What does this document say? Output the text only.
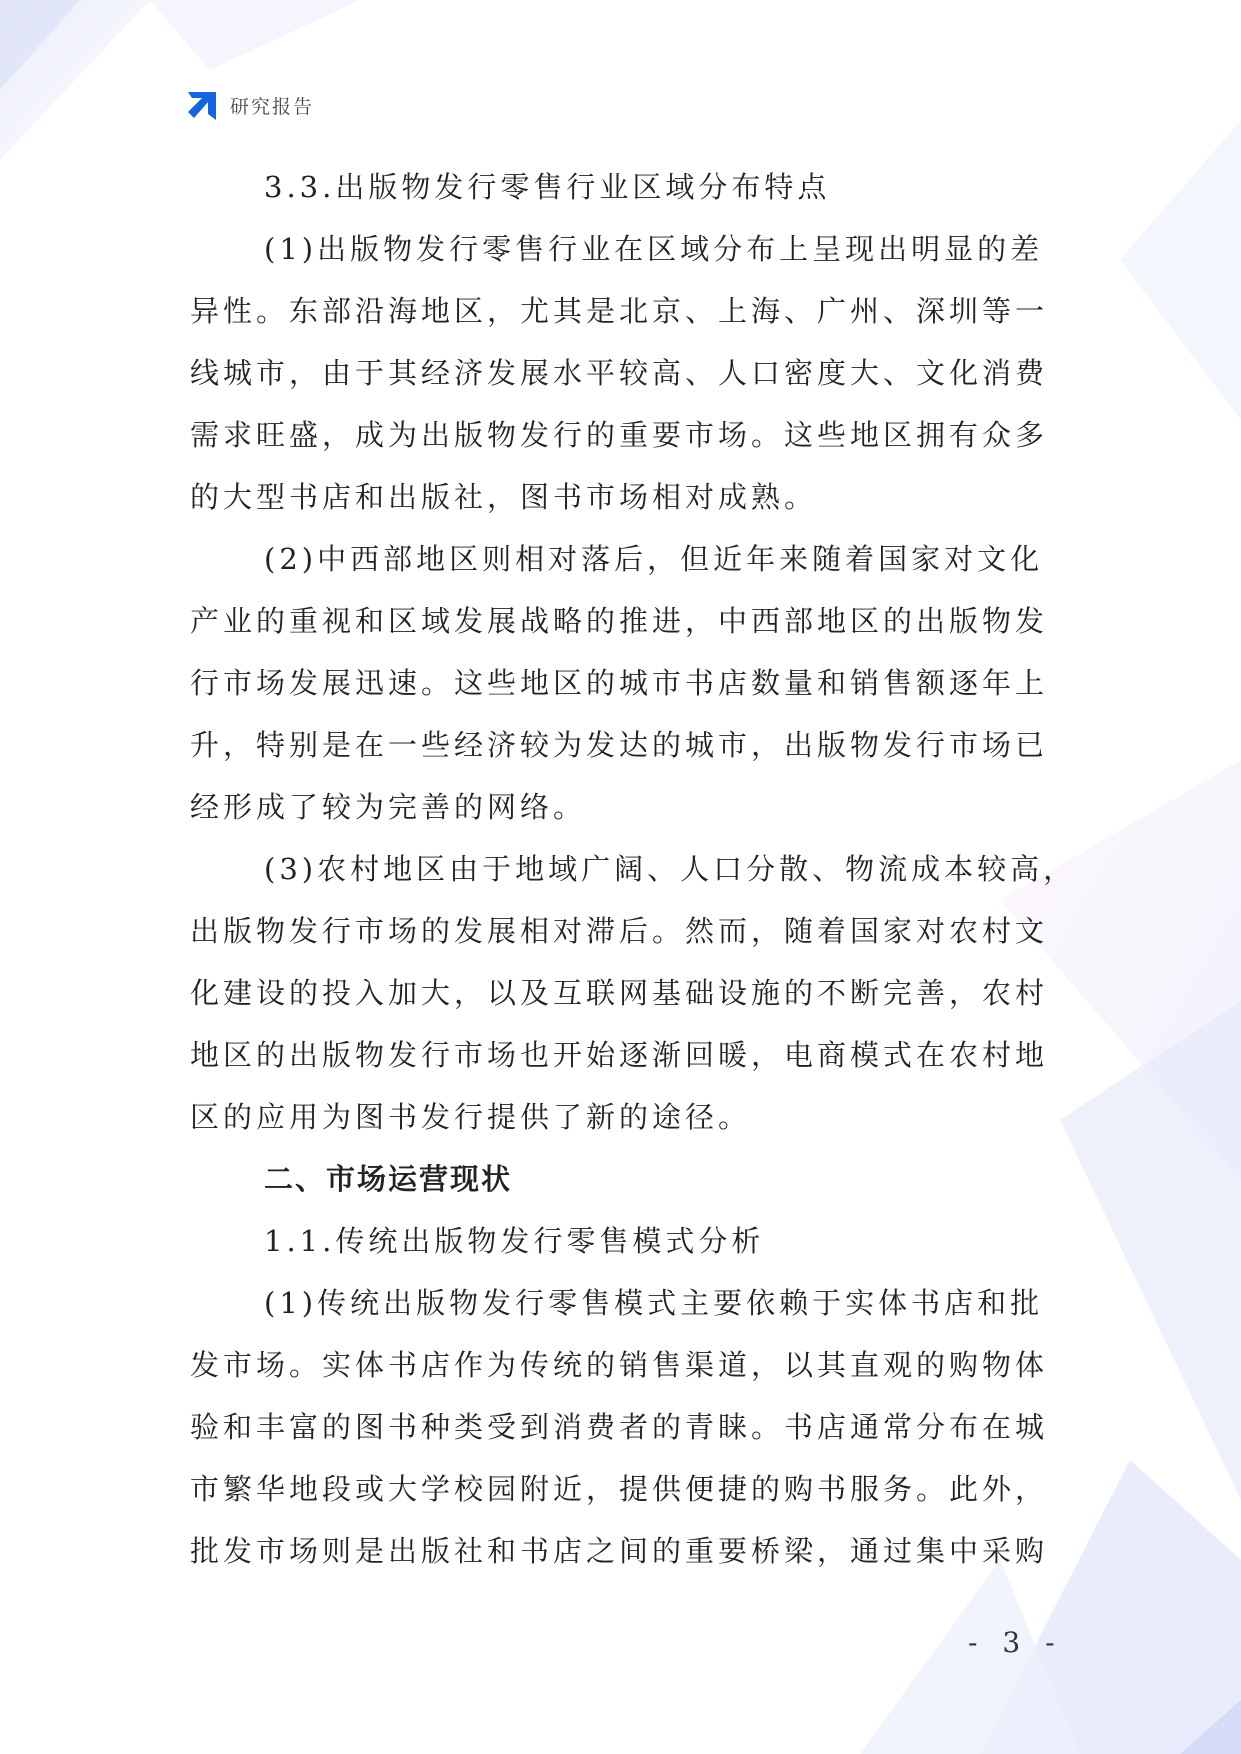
研究报告
3.3.出版物发行零售行业区域分布特点
(1)出版物发行零售行业在区域分布上呈现出明显的差
异性。东部沿海地区，尤其是北京、上海、广州、深圳等一
线城市，由于其经济发展水平较高、人口密度大、文化消费
需求旺盛，成为出版物发行的重要市场。这些地区拥有众多
的大型书店和出版社，图书市场相对成熟。
(2)中西部地区则相对落后，但近年来随着国家对文化
产业的重视和区域发展战略的推进，中西部地区的出版物发
行市场发展迅速。这些地区的城市书店数量和销售额逐年上
升，特别是在一些经济较为发达的城市，出版物发行市场已
经形成了较为完善的网络。
(3)农村地区由于地域广阔、人口分散、物流成本较高，
出版物发行市场的发展相对滞后。然而，随着国家对农村文
化建设的投入加大，以及互联网基础设施的不断完善，农村
地区的出版物发行市场也开始逐渐回暖，电商模式在农村地
区的应用为图书发行提供了新的途径。
二、市场运营现状
1.1.传统出版物发行零售模式分析
(1)传统出版物发行零售模式主要依赖于实体书店和批
发市场。实体书店作为传统的销售渠道，以其直观的购物体
验和丰富的图书种类受到消费者的青睐。书店通常分布在城
市繁华地段或大学校园附近，提供便捷的购书服务。此外，
批发市场则是出版社和书店之间的重要桥梁，通过集中采购
- 3 -
